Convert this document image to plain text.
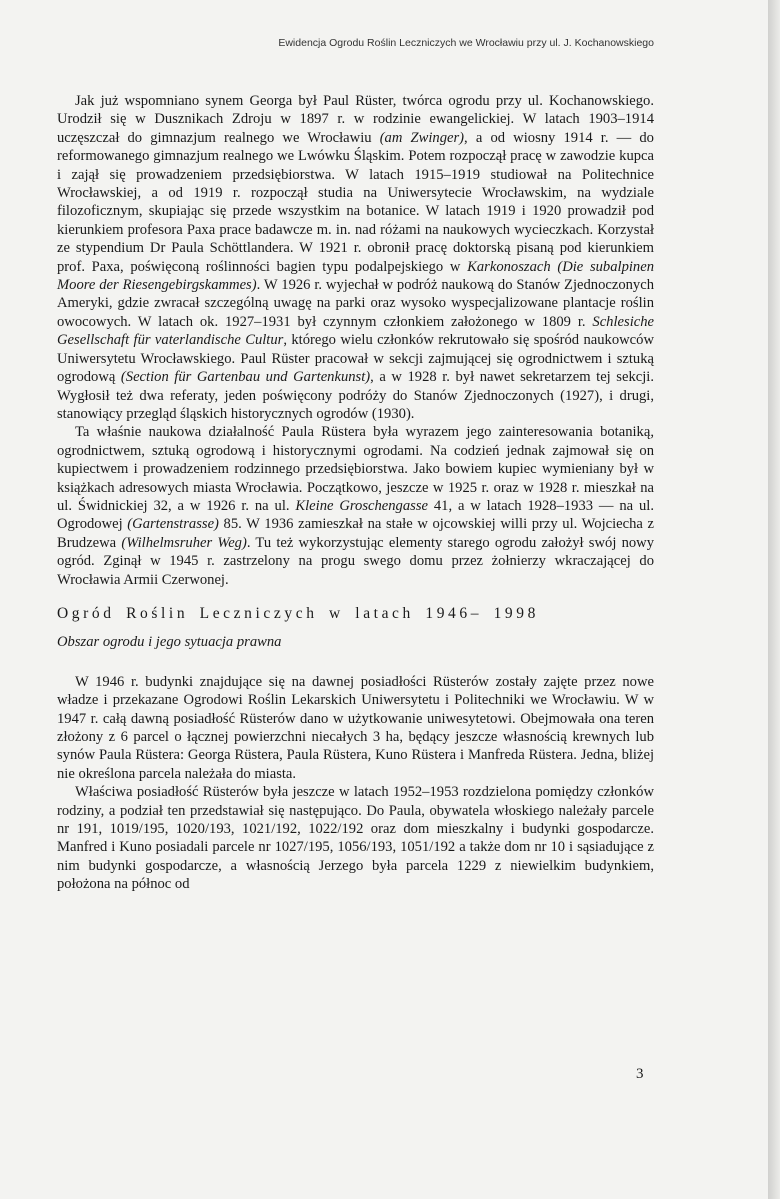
Ewidencja Ogrodu Roślin Leczniczych we Wrocławiu przy ul. J. Kochanowskiego

Jak już wspomniano synem Georga był Paul Rüster, twórca ogrodu przy ul. Kochanowskiego. Urodził się w Dusznikach Zdroju w 1897 r. w rodzinie ewangelickiej. W latach 1903–1914 uczęszczał do gimnazjum realnego we Wrocławiu (am Zwinger), a od wiosny 1914 r. — do reformowanego gimnazjum realnego we Lwówku Śląskim. Potem rozpoczął pracę w zawodzie kupca i zajął się prowadzeniem przedsiębiorstwa. W latach 1915–1919 studiował na Politechnice Wrocławskiej, a od 1919 r. rozpoczął studia na Uniwersytecie Wrocławskim, na wydziale filozoficznym, skupiając się przede wszystkim na botanice. W latach 1919 i 1920 prowadził pod kierunkiem profesora Paxa prace badawcze m. in. nad różami na naukowych wycieczkach. Korzystał ze stypendium Dr Paula Schöttlandera. W 1921 r. obronił pracę doktorską pisaną pod kierunkiem prof. Paxa, poświęconą roślinności bagien typu podalpejskiego w Karkonoszach (Die subalpinen Moore der Riesengebirgskammes). W 1926 r. wyjechał w podróż naukową do Stanów Zjednoczonych Ameryki, gdzie zwracał szczególną uwagę na parki oraz wysoko wyspecjalizowane plantacje roślin owocowych. W latach ok. 1927–1931 był czynnym członkiem założonego w 1809 r. Schlesiche Gesellschaft für vaterlandische Cultur, którego wielu członków rekrutowało się spośród naukowców Uniwersytetu Wrocławskiego. Paul Rüster pracował w sekcji zajmującej się ogrodnictwem i sztuką ogrodową (Section für Gartenbau und Gartenkunst), a w 1928 r. był nawet sekretarzem tej sekcji. Wygłosił też dwa referaty, jeden poświęcony podróży do Stanów Zjednoczonych (1927), i drugi, stanowiący przegląd śląskich historycznych ogrodów (1930).

Ta właśnie naukowa działalność Paula Rüstera była wyrazem jego zainteresowania botaniką, ogrodnictwem, sztuką ogrodową i historycznymi ogrodami. Na codzień jednak zajmował się on kupiectwem i prowadzeniem rodzinnego przedsiębiorstwa. Jako bowiem kupiec wymieniany był w książkach adresowych miasta Wrocławia. Początkowo, jeszcze w 1925 r. oraz w 1928 r. mieszkał na ul. Świdnickiej 32, a w 1926 r. na ul. Kleine Groschengasse 41, a w latach 1928–1933 — na ul. Ogrodowej (Gartenstrasse) 85. W 1936 zamieszkał na stałe w ojcowskiej willi przy ul. Wojciecha z Brudzewa (Wilhelmsruher Weg). Tu też wykorzystując elementy starego ogrodu założył swój nowy ogród. Zginął w 1945 r. zastrzelony na progu swego domu przez żołnierzy wkraczającej do Wrocławia Armii Czerwonej.

Ogród Roślin Leczniczych w latach 1946– 1998
Obszar ogrodu i jego sytuacja prawna

W 1946 r. budynki znajdujące się na dawnej posiadłości Rüsterów zostały zajęte przez nowe władze i przekazane Ogrodowi Roślin Lekarskich Uniwersytetu i Politechniki we Wrocławiu. W w 1947 r. całą dawną posiadłość Rüsterów dano w użytkowanie uniwesytetowi. Obejmowała ona teren złożony z 6 parcel o łącznej powierzchni niecałych 3 ha, będący jeszcze własnością krewnych lub synów Paula Rüstera: Georga Rüstera, Paula Rüstera, Kuno Rüstera i Manfreda Rüstera. Jedna, bliżej nie określona parcela należała do miasta.

Właściwa posiadłość Rüsterów była jeszcze w latach 1952–1953 rozdzielona pomiędzy członków rodziny, a podział ten przedstawiał się następująco. Do Paula, obywatela włoskiego należały parcele nr 191, 1019/195, 1020/193, 1021/192, 1022/192 oraz dom mieszkalny i budynki gospodarcze. Manfred i Kuno posiadali parcele nr 1027/195, 1056/193, 1051/192 a także dom nr 10 i sąsiadujące z nim budynki gospodarcze, a własnością Jerzego była parcela 1229 z niewielkim budynkiem, położona na północ od

3
